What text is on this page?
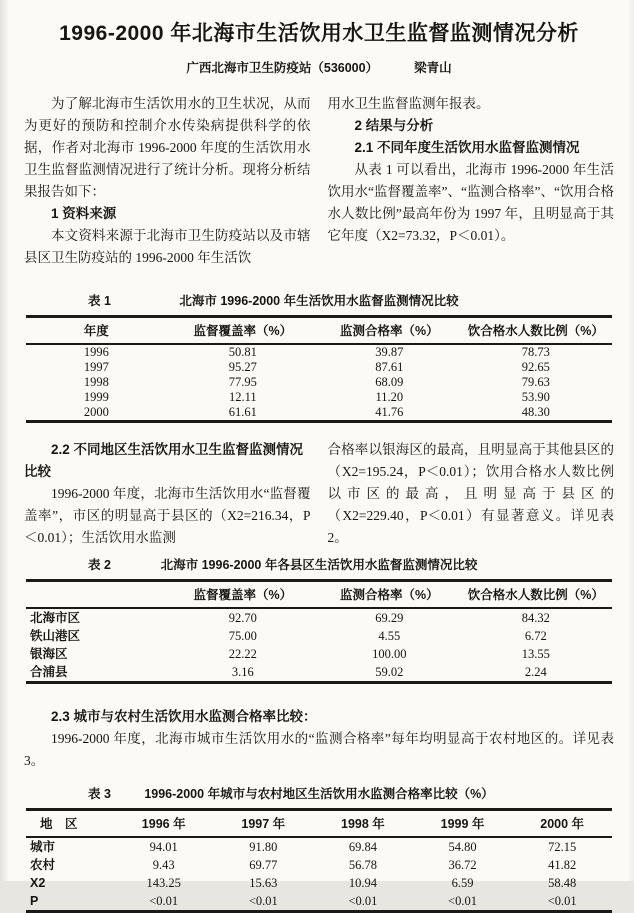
1996-2000 年北海市生活饮用水卫生监督监测情况分析
广西北海市卫生防疫站（536000）	梁青山

为了解北海市生活饮用水的卫生状况，从而为更好的预防和控制介水传染病提供科学的依据，作者对北海市 1996-2000 年度的生活饮用水卫生监督监测情况进行了统计分析。现将分析结果报告如下：

1 资料来源

本文资料来源于北海市卫生防疫站以及市辖县区卫生防疫站的 1996-2000 年生活饮

用水卫生监督监测年报表。

2 结果与分析

2.1 不同年度生活饮用水监督监测情况

从表 1 可以看出，北海市 1996-2000 年生活饮用水“监督覆盖率”、“监测合格率”、“饮用合格水人数比例”最高年份为 1997 年，且明显高于其它年度（X2=73.32，P＜0.01）。

表 1	北海市 1996-2000 年生活饮用水监督监测情况比较
年度	监督覆盖率（%）	监测合格率（%）	饮合格水人数比例（%）
1996	50.81	39.87	78.73
1997	95.27	87.61	92.65
1998	77.95	68.09	79.63
1999	12.11	11.20	53.90
2000	61.61	41.76	48.30

2.2 不同地区生活饮用水卫生监督监测情况比较

1996-2000 年度，北海市生活饮用水“监督覆盖率”，市区的明显高于县区的（X2=216.34，P＜0.01）；生活饮用水监测

合格率以银海区的最高，且明显高于其他县区的（X2=195.24，P＜0.01）；饮用合格水人数比例以市区的最高，且明显高于县区的（X2=229.40，P＜0.01）有显著意义。详见表 2。

表 2	北海市 1996-2000 年各县区生活饮用水监督监测情况比较
	监督覆盖率（%）	监测合格率（%）	饮合格水人数比例（%）
北海市区	92.70	69.29	84.32
铁山港区	75.00	4.55	6.72
银海区	22.22	100.00	13.55
合浦县	3.16	59.02	2.24

2.3 城市与农村生活饮用水监测合格率比较：

1996-2000 年度，北海市城市生活饮用水的“监测合格率”每年均明显高于农村地区的。详见表 3。

表 3	1996-2000 年城市与农村地区生活饮用水监测合格率比较（%）
地　区	1996 年	1997 年	1998 年	1999 年	2000 年
城市	94.01	91.80	69.84	54.80	72.15
农村	9.43	69.77	56.78	36.72	41.82
X2	143.25	15.63	10.94	6.59	58.48
P	<0.01	<0.01	<0.01	<0.01	<0.01
